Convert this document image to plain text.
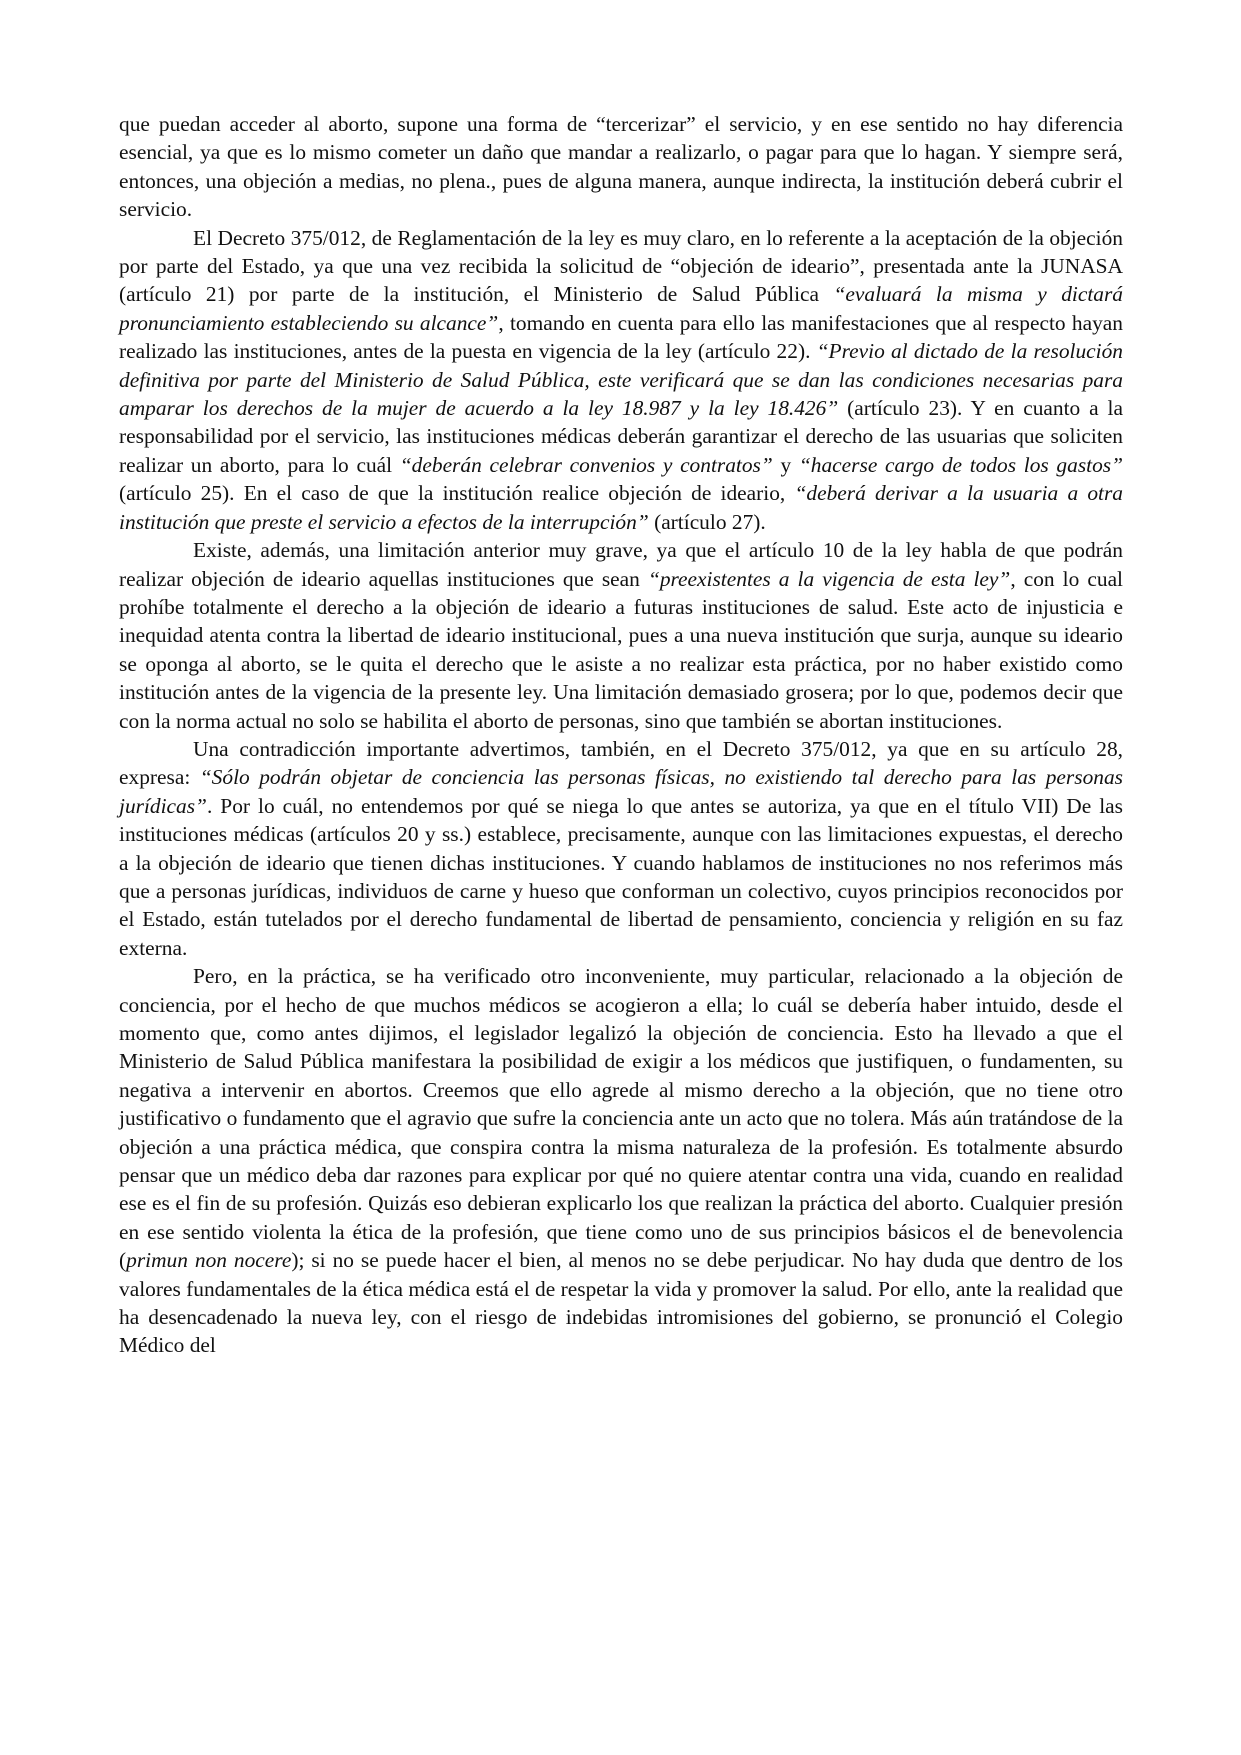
que puedan acceder al aborto, supone una forma de “tercerizar” el servicio, y en ese sentido no hay diferencia esencial, ya que es lo mismo cometer un daño que mandar a realizarlo, o pagar para que lo hagan. Y siempre será, entonces, una objeción a medias, no plena., pues de alguna manera, aunque indirecta, la institución deberá cubrir el servicio.

El Decreto 375/012, de Reglamentación de la ley es muy claro, en lo referente a la aceptación de la objeción por parte del Estado, ya que una vez recibida la solicitud de “objeción de ideario”, presentada ante la JUNASA (artículo 21) por parte de la institución, el Ministerio de Salud Pública “evaluará la misma y dictará pronunciamiento estableciendo su alcance”, tomando en cuenta para ello las manifestaciones que al respecto hayan realizado las instituciones, antes de la puesta en vigencia de la ley (artículo 22). “Previo al dictado de la resolución definitiva por parte del Ministerio de Salud Pública, este verificará que se dan las condiciones necesarias para amparar los derechos de la mujer de acuerdo a la ley 18.987 y la ley 18.426” (artículo 23). Y en cuanto a la responsabilidad por el servicio, las instituciones médicas deberán garantizar el derecho de las usuarias que soliciten realizar un aborto, para lo cuál “deberán celebrar convenios y contratos” y “hacerse cargo de todos los gastos” (artículo 25). En el caso de que la institución realice objeción de ideario, “deberá derivar a la usuaria a otra institución que preste el servicio a efectos de la interrupción” (artículo 27).

Existe, además, una limitación anterior muy grave, ya que el artículo 10 de la ley habla de que podrán realizar objeción de ideario aquellas instituciones que sean “preexistentes a la vigencia de esta ley”, con lo cual prohíbe totalmente el derecho a la objeción de ideario a futuras instituciones de salud. Este acto de injusticia e inequidad atenta contra la libertad de ideario institucional, pues a una nueva institución que surja, aunque su ideario se oponga al aborto, se le quita el derecho que le asiste a no realizar esta práctica, por no haber existido como institución antes de la vigencia de la presente ley. Una limitación demasiado grosera; por lo que, podemos decir que con la norma actual no solo se habilita el aborto de personas, sino que también se abortan instituciones.

Una contradicción importante advertimos, también, en el Decreto 375/012, ya que en su artículo 28, expresa: “Sólo podrán objetar de conciencia las personas físicas, no existiendo tal derecho para las personas jurídicas”. Por lo cuál, no entendemos por qué se niega lo que antes se autoriza, ya que en el título VII) De las instituciones médicas (artículos 20 y ss.) establece, precisamente, aunque con las limitaciones expuestas, el derecho a la objeción de ideario que tienen dichas instituciones. Y cuando hablamos de instituciones no nos referimos más que a personas jurídicas, individuos de carne y hueso que conforman un colectivo, cuyos principios reconocidos por el Estado, están tutelados por el derecho fundamental de libertad de pensamiento, conciencia y religión en su faz externa.

Pero, en la práctica, se ha verificado otro inconveniente, muy particular, relacionado a la objeción de conciencia, por el hecho de que muchos médicos se acogieron a ella; lo cuál se debería haber intuido, desde el momento que, como antes dijimos, el legislador legalizó la objeción de conciencia. Esto ha llevado a que el Ministerio de Salud Pública manifestara la posibilidad de exigir a los médicos que justifiquen, o fundamenten, su negativa a intervenir en abortos. Creemos que ello agrede al mismo derecho a la objeción, que no tiene otro justificativo o fundamento que el agravio que sufre la conciencia ante un acto que no tolera. Más aún tratándose de la objeción a una práctica médica, que conspira contra la misma naturaleza de la profesión. Es totalmente absurdo pensar que un médico deba dar razones para explicar por qué no quiere atentar contra una vida, cuando en realidad ese es el fin de su profesión. Quizás eso debieran explicarlo los que realizan la práctica del aborto. Cualquier presión en ese sentido violenta la ética de la profesión, que tiene como uno de sus principios básicos el de benevolencia (primun non nocere); si no se puede hacer el bien, al menos no se debe perjudicar. No hay duda que dentro de los valores fundamentales de la ética médica está el de respetar la vida y promover la salud. Por ello, ante la realidad que ha desencadenado la nueva ley, con el riesgo de indebidas intromisiones del gobierno, se pronunció el Colegio Médico del
